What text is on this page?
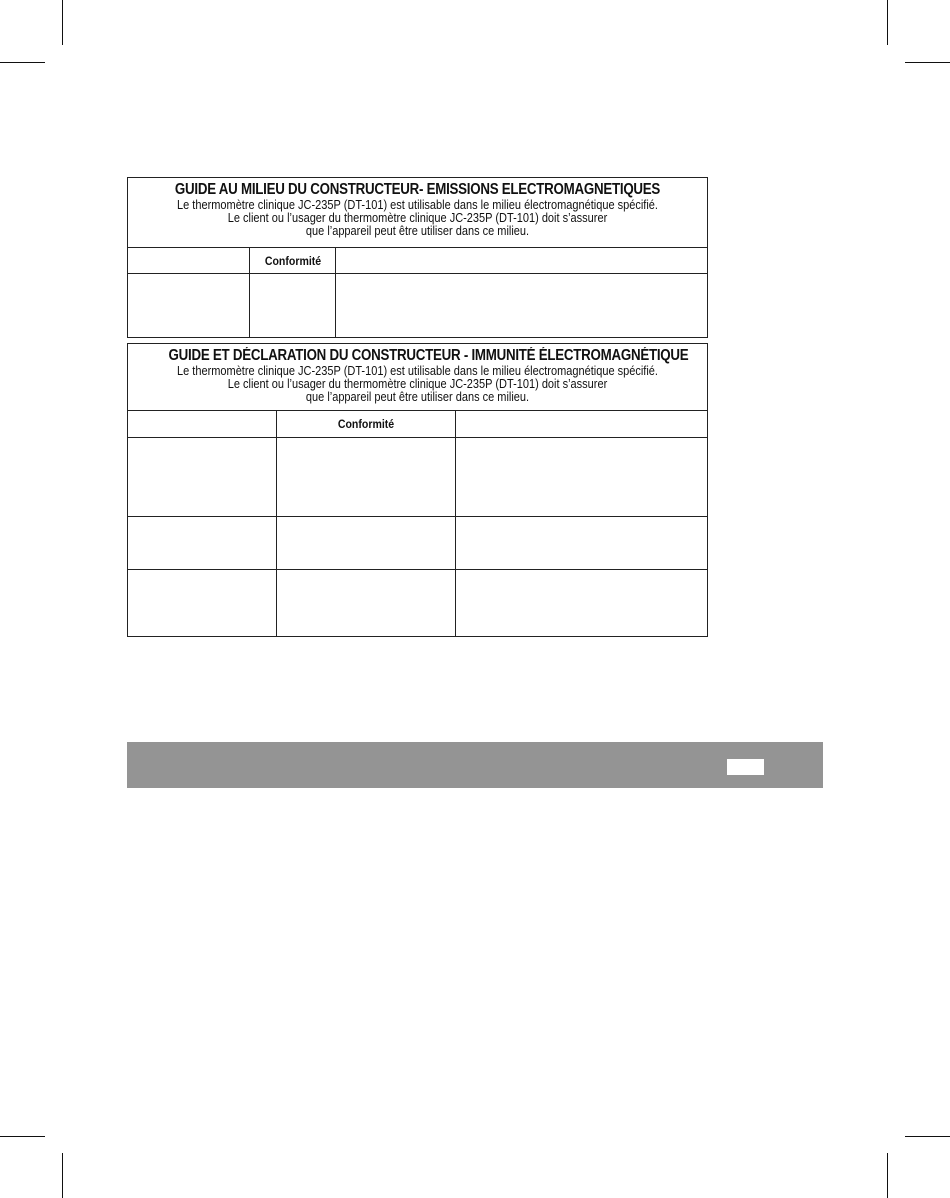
GUIDE AU MILIEU DU CONSTRUCTEUR- EMISSIONS ELECTROMAGNETIQUES
Le thermomètre clinique JC-235P (DT-101) est utilisable dans le milieu électromagnétique spécifié.
Le client ou l’usager du thermomètre clinique JC-235P (DT-101) doit s’assurer
que l’appareil peut être utiliser dans ce milieu.
Conformité
GUIDE ET DÉCLARATION DU CONSTRUCTEUR - IMMUNITÉ ÉLECTROMAGNÉTIQUE
Le thermomètre clinique JC-235P (DT-101) est utilisable dans le milieu électromagnétique spécifié.
Le client ou l’usager du thermomètre clinique JC-235P (DT-101) doit s’assurer
que l’appareil peut être utiliser dans ce milieu.
Conformité
